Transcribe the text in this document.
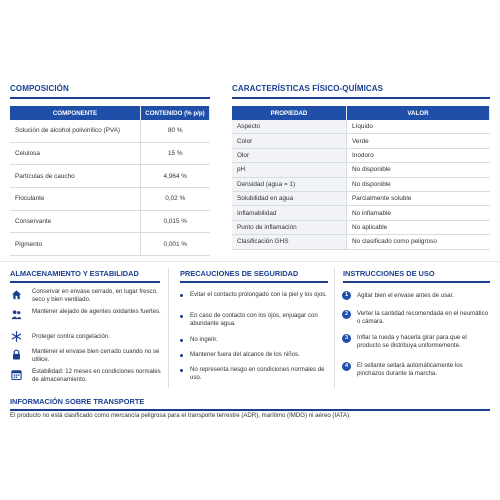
COMPOSICIÓN
COMPONENTE	CONTENIDO (% p/p)
Solución de alcohol polivinílico (PVA)	80 %
Celulosa	15 %
Partículas de caucho	4,964 %
Floculante	0,02 %
Conservante	0,015 %
Pigmento	0,001 %
CARACTERÍSTICAS FÍSICO-QUÍMICAS
PROPIEDAD	VALOR
Aspecto	Líquido
Color	Verde
Olor	Inodoro
pH	No disponible
Densidad (agua = 1)	No disponible
Solubilidad en agua	Parcialmente soluble
Inflamabilidad	No inflamable
Punto de inflamación	No aplicable
Clasificación GHS	No clasificado como peligroso
ALMACENAMIENTO Y ESTABILIDAD
Conservar en envase cerrado, en lugar fresco, seco y bien ventilado.
Mantener alejado de agentes oxidantes fuertes.
Proteger contra congelación.
Mantener el envase bien cerrado cuando no se utilice.
Estabilidad: 12 meses en condiciones normales de almacenamiento.
PRECAUCIONES DE SEGURIDAD
Evitar el contacto prolongado con la piel y los ojos.
En caso de contacto con los ojos, enjuagar con abundante agua.
No ingerir.
Mantener fuera del alcance de los niños.
No representa riesgo en condiciones normales de uso.
INSTRUCCIONES DE USO
1	Agitar bien el envase antes de usar.
2	Verter la cantidad recomendada en el neumático o cámara.
3	Inflar la rueda y hacerla girar para que el producto se distribuya uniformemente.
4	El sellante sellará automáticamente los pinchazos durante la marcha.
INFORMACIÓN SOBRE TRANSPORTE
El producto no está clasificado como mercancía peligrosa para el transporte terrestre (ADR), marítimo (IMDG) ni aéreo (IATA).
